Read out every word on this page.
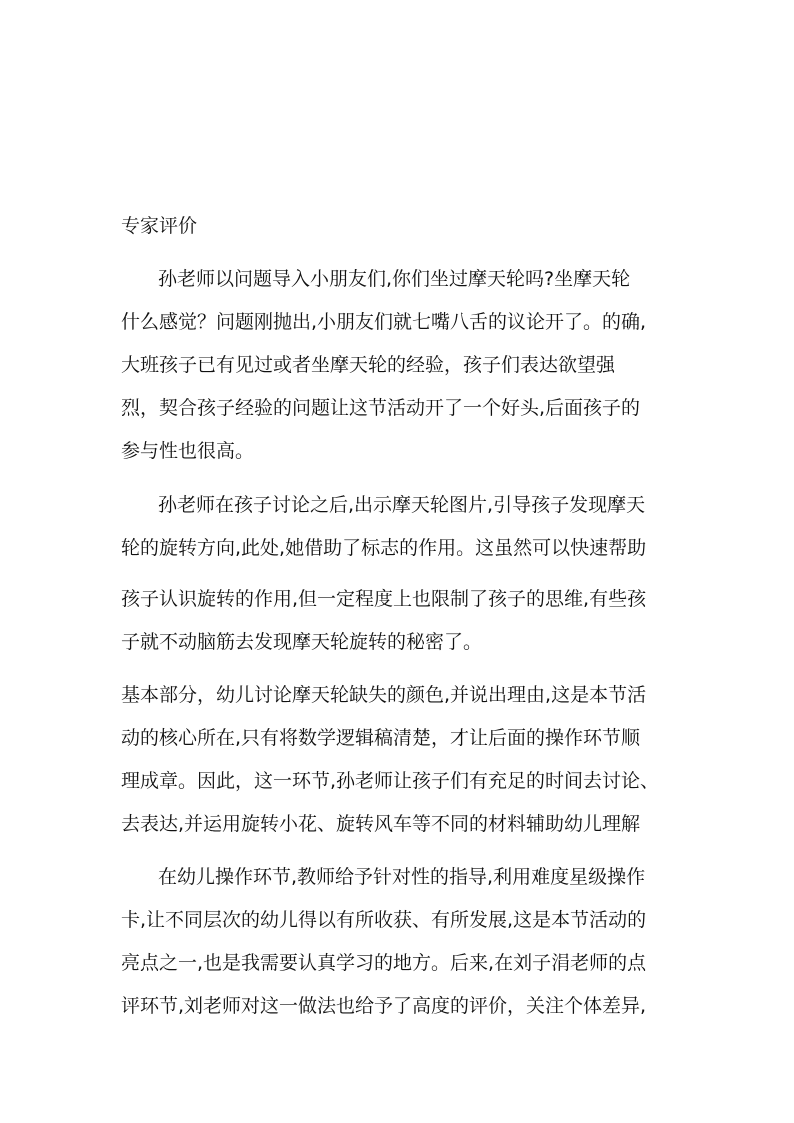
专家评价
孙老师以问题导入小朋友们,你们坐过摩天轮吗?坐摩天轮
什么感觉？问题刚抛出,小朋友们就七嘴八舌的议论开了。的确,
大班孩子已有见过或者坐摩天轮的经验，孩子们表达欲望强
烈，契合孩子经验的问题让这节活动开了一个好头,后面孩子的
参与性也很高。
孙老师在孩子讨论之后,出示摩天轮图片,引导孩子发现摩天
轮的旋转方向,此处,她借助了标志的作用。这虽然可以快速帮助
孩子认识旋转的作用,但一定程度上也限制了孩子的思维,有些孩
子就不动脑筋去发现摩天轮旋转的秘密了。
基本部分，幼儿讨论摩天轮缺失的颜色,并说出理由,这是本节活
动的核心所在,只有将数学逻辑稿清楚，才让后面的操作环节顺
理成章。因此，这一环节,孙老师让孩子们有充足的时间去讨论、
去表达,并运用旋转小花、旋转风车等不同的材料辅助幼儿理解
在幼儿操作环节,教师给予针对性的指导,利用难度星级操作
卡,让不同层次的幼儿得以有所收获、有所发展,这是本节活动的
亮点之一,也是我需要认真学习的地方。后来,在刘子涓老师的点
评环节,刘老师对这一做法也给予了高度的评价，关注个体差异,
